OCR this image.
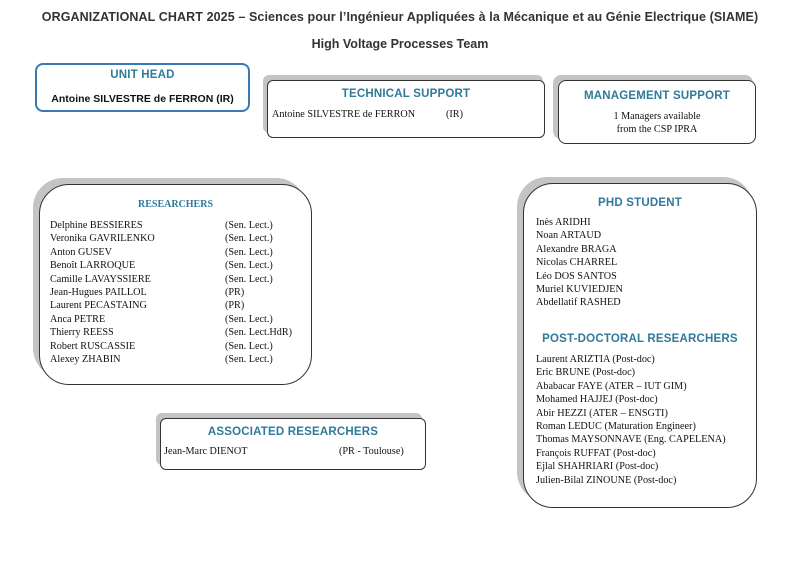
ORGANIZATIONAL CHART 2025 – Sciences pour l’Ingénieur Appliquées à la Mécanique et au Génie Electrique (SIAME)
High Voltage Processes Team
UNIT HEAD
Antoine SILVESTRE de FERRON (IR)	TECHNICAL SUPPORT
Antoine SILVESTRE de FERRON	(IR)
MANAGEMENT SUPPORT
1 Managers available
from the CSP IPRA
RESEARCHERS
Delphine BESSIERES	(Sen. Lect.)
Veronika GAVRILENKO	(Sen. Lect.)
Anton GUSEV	(Sen. Lect.)
Benoît LARROQUE	(Sen. Lect.)
Camille LAVAYSSIERE	(Sen. Lect.)
Jean-Hugues PAILLOL	(PR)
Laurent PECASTAING	(PR)
Anca PETRE	(Sen. Lect.)
Thierry REESS	(Sen. Lect.HdR)
Robert RUSCASSIE	(Sen. Lect.)
Alexey ZHABIN	(Sen. Lect.)
ASSOCIATED RESEARCHERS
Jean-Marc DIENOT	(PR - Toulouse)
PHD STUDENT
Inès ARIDHI
Noan ARTAUD
Alexandre BRAGA
Nicolas CHARREL
Léo DOS SANTOS
Muriel KUVIEDJEN
Abdellatif RASHED
POST-DOCTORAL RESEARCHERS
Laurent ARIZTIA (Post-doc)
Eric BRUNE (Post-doc)
Ababacar FAYE (ATER – IUT GIM)
Mohamed HAJJEJ (Post-doc)
Abir HEZZI (ATER – ENSGTI)
Roman LEDUC (Maturation Engineer)
Thomas MAYSONNAVE (Eng. CAPELENA)
François RUFFAT (Post-doc)
Ejlal SHAHRIARI (Post-doc)
Julien-Bilal ZINOUNE (Post-doc)
